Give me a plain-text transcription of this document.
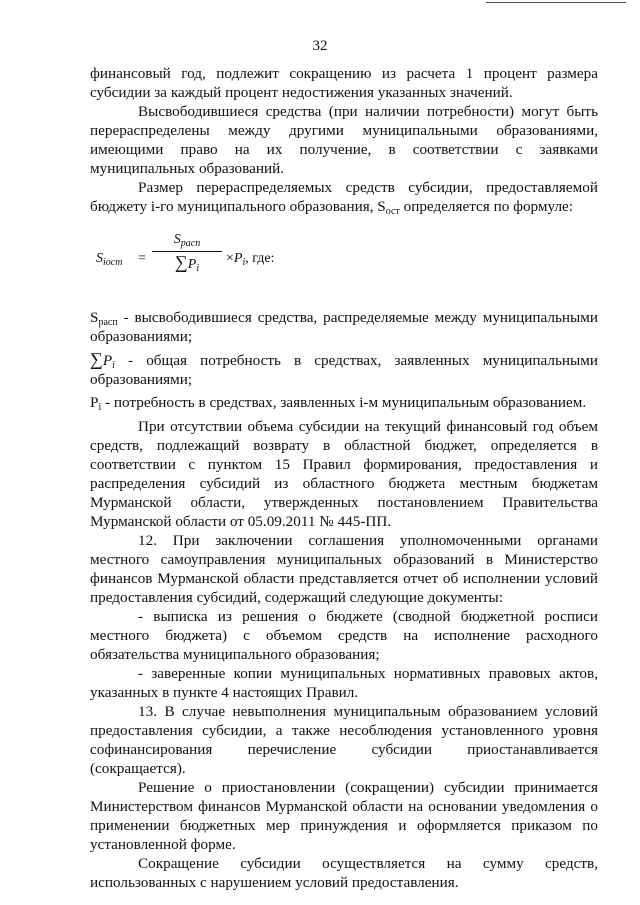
32

финансовый год, подлежит сокращению из расчета 1 процент размера субсидии за каждый процент недостижения указанных значений.

Высвободившиеся средства (при наличии потребности) могут быть перераспределены между другими муниципальными образованиями, имеющими право на их получение, в соответствии с заявками муниципальных образований.

Размер перераспределяемых средств субсидии, предоставляемой бюджету i-го муниципального образования, $S_{ост}$ определяется по формуле:

$S_{iост}$ =
$S_{расп}$
$\sum P_i$
$\times P_i$, где:

$S_{расп}$ - высвободившиеся средства, распределяемые между муниципальными образованиями;

$\sum P_i$ - общая потребность в средствах, заявленных муниципальными образованиями;

$P_i$ - потребность в средствах, заявленных i-м муниципальным образованием.

При отсутствии объема субсидии на текущий финансовый год объем средств, подлежащий возврату в областной бюджет, определяется в соответствии с пунктом 15 Правил формирования, предоставления и распределения субсидий из областного бюджета местным бюджетам Мурманской области, утвержденных постановлением Правительства Мурманской области от 05.09.2011 № 445-ПП.

12. При заключении соглашения уполномоченными органами местного самоуправления муниципальных образований в Министерство финансов Мурманской области представляется отчет об исполнении условий предоставления субсидий, содержащий следующие документы:

- выписка из решения о бюджете (сводной бюджетной росписи местного бюджета) с объемом средств на исполнение расходного обязательства муниципального образования;

- заверенные копии муниципальных нормативных правовых актов, указанных в пункте 4 настоящих Правил.

13. В случае невыполнения муниципальным образованием условий предоставления субсидии, а также несоблюдения установленного уровня софинансирования перечисление субсидии приостанавливается (сокращается).

Решение о приостановлении (сокращении) субсидии принимается Министерством финансов Мурманской области на основании уведомления о применении бюджетных мер принуждения и оформляется приказом по установленной форме.

Сокращение субсидии осуществляется на сумму средств, использованных с нарушением условий предоставления.
